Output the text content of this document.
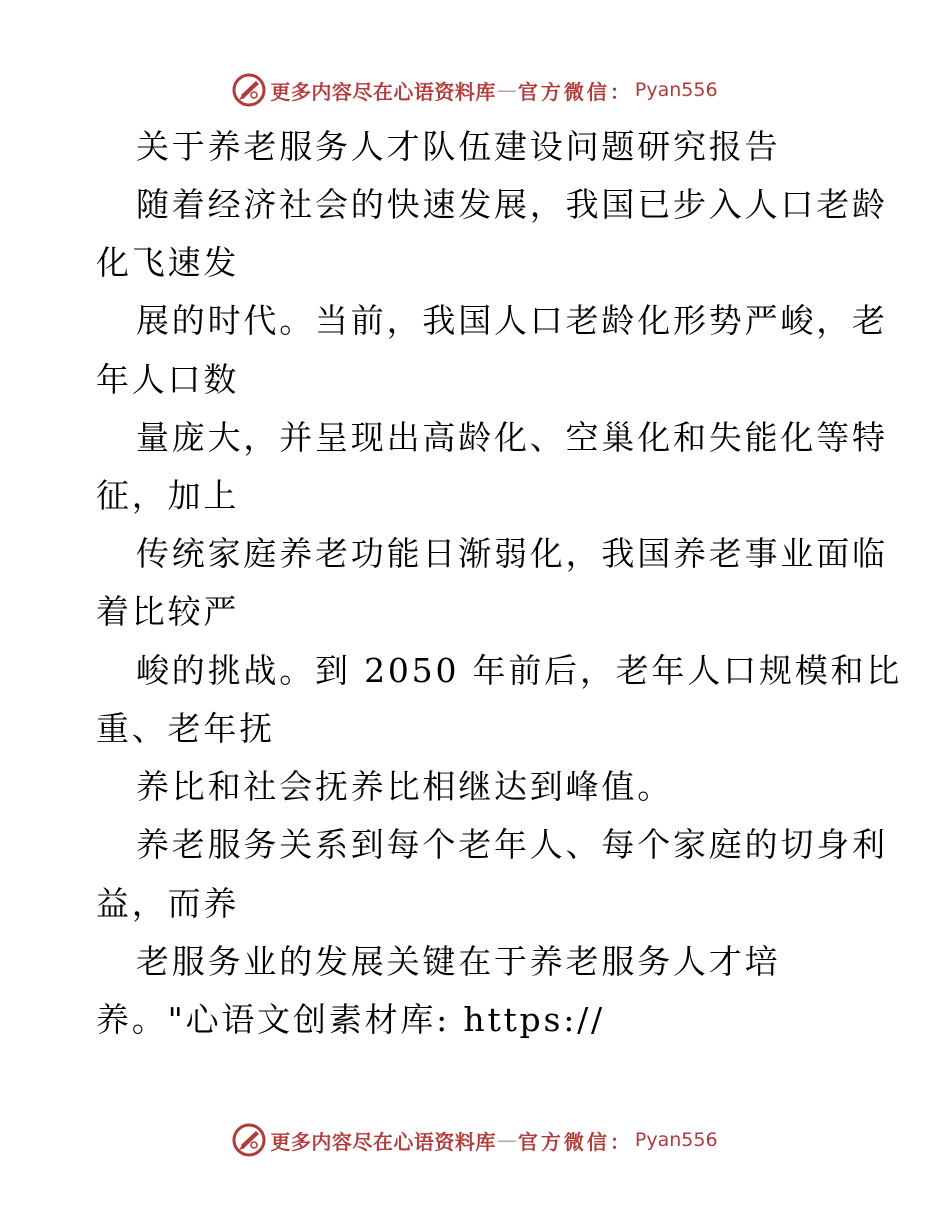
更多内容尽在心语资料库 — 官方微信： Pyan556
关于养老服务人才队伍建设问题研究报告
随着经济社会的快速发展，我国已步入人口老龄
化飞速发
展的时代。当前，我国人口老龄化形势严峻，老
年人口数
量庞大，并呈现出高龄化、空巢化和失能化等特
征，加上
传统家庭养老功能日渐弱化，我国养老事业面临
着比较严
峻的挑战。到 2050 年前后，老年人口规模和比
重、老年抚
养比和社会抚养比相继达到峰值。
养老服务关系到每个老年人、每个家庭的切身利
益，而养
老服务业的发展关键在于养老服务人才培
养。"心语文创素材库: https://
更多内容尽在心语资料库 — 官方微信： Pyan556
